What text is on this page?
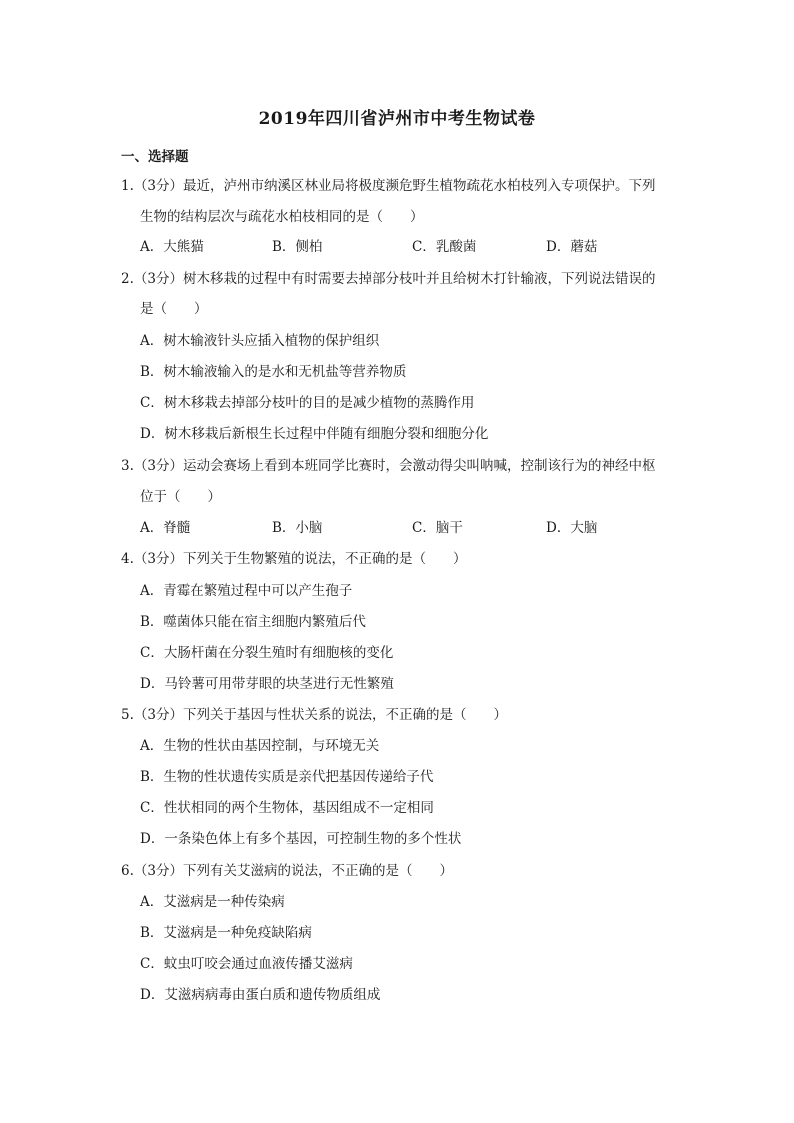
2019年四川省泸州市中考生物试卷
一、选择题
1.（3分）最近，泸州市纳溪区林业局将极度濒危野生植物疏花水柏枝列入专项保护。下列
生物的结构层次与疏花水柏枝相同的是（　　）
A．大熊猫	B．侧柏	C．乳酸菌	D．蘑菇
2.（3分）树木移栽的过程中有时需要去掉部分枝叶并且给树木打针输液，下列说法错误的
是（　　）
A．树木输液针头应插入植物的保护组织
B．树木输液输入的是水和无机盐等营养物质
C．树木移栽去掉部分枝叶的目的是减少植物的蒸腾作用
D．树木移栽后新根生长过程中伴随有细胞分裂和细胞分化
3.（3分）运动会赛场上看到本班同学比赛时，会激动得尖叫呐喊，控制该行为的神经中枢
位于（　　）
A．脊髓	B．小脑	C．脑干	D．大脑
4.（3分）下列关于生物繁殖的说法，不正确的是（　　）
A．青霉在繁殖过程中可以产生孢子
B．噬菌体只能在宿主细胞内繁殖后代
C．大肠杆菌在分裂生殖时有细胞核的变化
D．马铃薯可用带芽眼的块茎进行无性繁殖
5.（3分）下列关于基因与性状关系的说法，不正确的是（　　）
A．生物的性状由基因控制，与环境无关
B．生物的性状遗传实质是亲代把基因传递给子代
C．性状相同的两个生物体，基因组成不一定相同
D．一条染色体上有多个基因，可控制生物的多个性状
6.（3分）下列有关艾滋病的说法，不正确的是（　　）
A．艾滋病是一种传染病
B．艾滋病是一种免疫缺陷病
C．蚊虫叮咬会通过血液传播艾滋病
D．艾滋病病毒由蛋白质和遗传物质组成
